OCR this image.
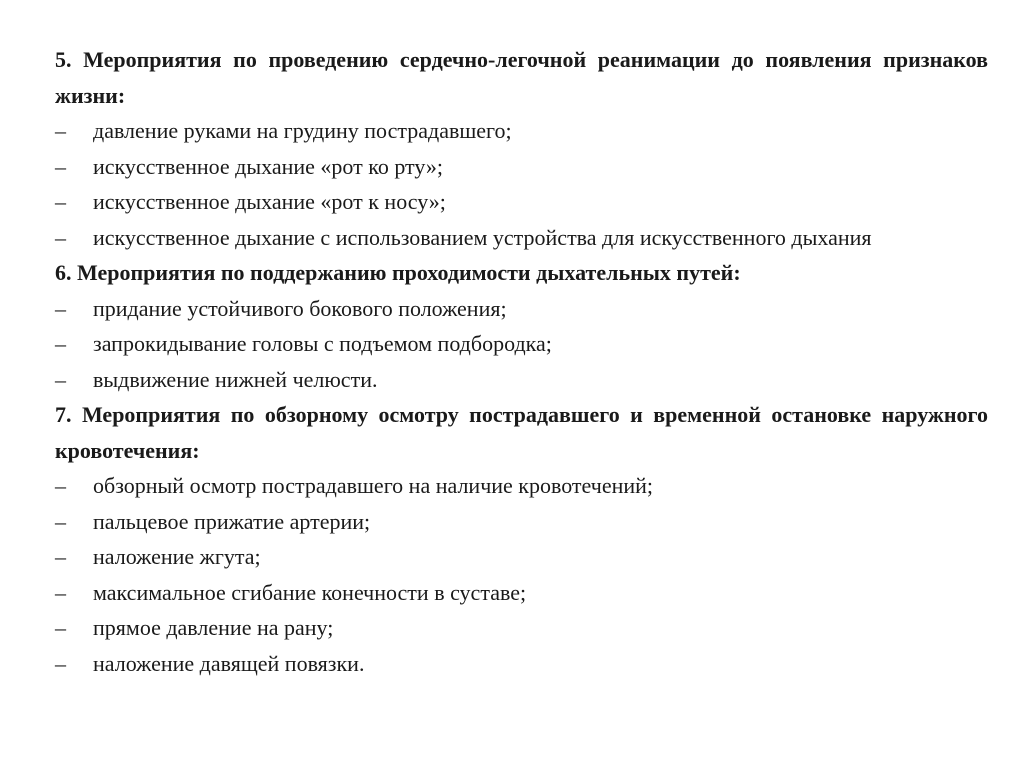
5. Мероприятия по проведению сердечно-легочной реанимации до появления признаков жизни:

–	давление руками на грудину пострадавшего;
–	искусственное дыхание «рот ко рту»;
–	искусственное дыхание «рот к носу»;
–	искусственное дыхание с использованием устройства для искусственного дыхания

6. Мероприятия по поддержанию проходимости дыхательных путей:

–	придание устойчивого бокового положения;
–	запрокидывание головы с подъемом подбородка;
–	выдвижение нижней челюсти.

7. Мероприятия по обзорному осмотру пострадавшего и временной остановке наружного кровотечения:

–	обзорный осмотр пострадавшего на наличие кровотечений;
–	пальцевое прижатие артерии;
–	наложение жгута;
–	максимальное сгибание конечности в суставе;
–	прямое давление на рану;
–	наложение давящей повязки.
